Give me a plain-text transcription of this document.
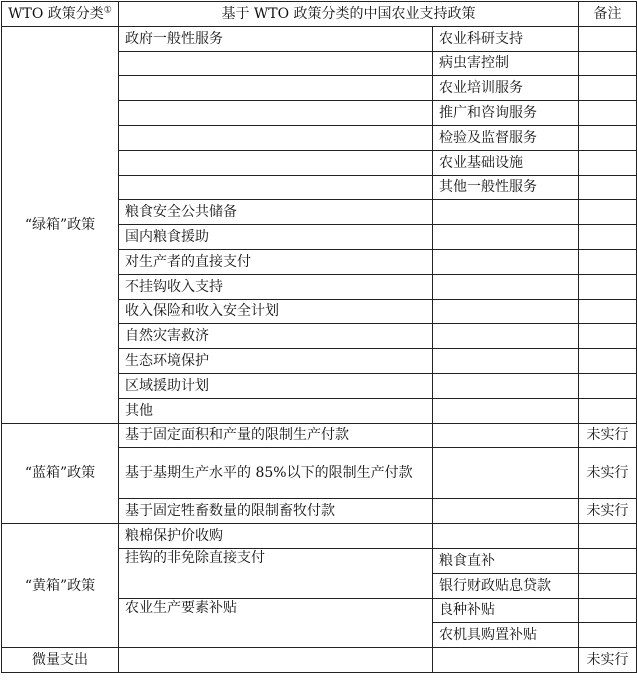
WTO 政策分类①	基于 WTO 政策分类的中国农业支持政策		备注
“绿箱”政策	政府一般性服务	农业科研支持	
		病虫害控制	
		农业培训服务	
		推广和咨询服务	
		检验及监督服务	
		农业基础设施	
		其他一般性服务	
	粮食安全公共储备		
	国内粮食援助		
	对生产者的直接支付		
	不挂钩收入支持		
	收入保险和收入安全计划		
	自然灾害救济		
	生态环境保护		
	区域援助计划		
	其他		
“蓝箱”政策	基于固定面积和产量的限制生产付款		未实行
	基于基期生产水平的 85%以下的限制生产付款		未实行
	基于固定牲畜数量的限制畜牧付款		未实行
“黄箱”政策	粮棉保护价收购		
	挂钩的非免除直接支付	粮食直补	
		银行财政贴息贷款	
	农业生产要素补贴	良种补贴	
		农机具购置补贴	
微量支出			未实行
